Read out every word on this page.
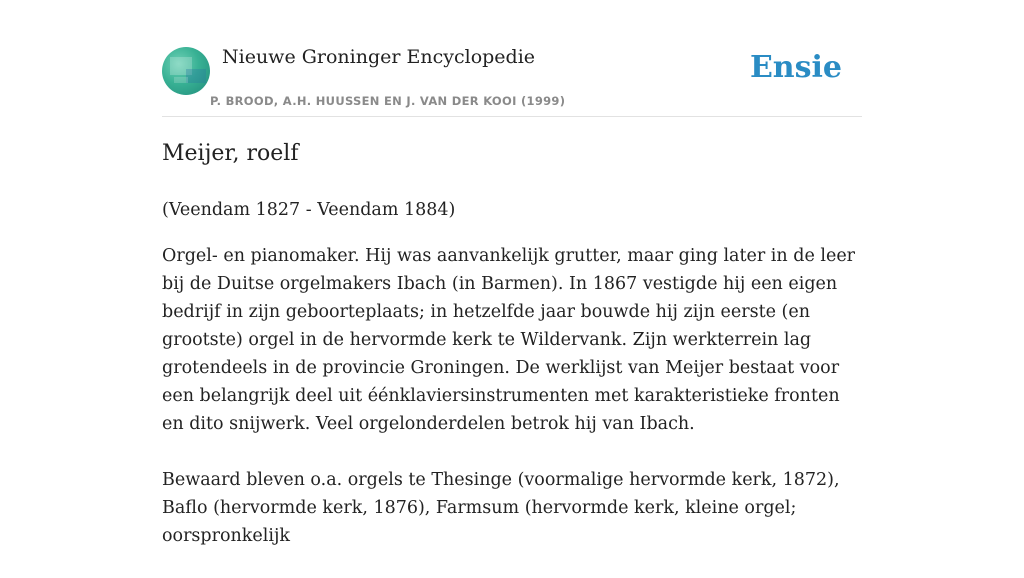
Nieuwe Groninger Encyclopedie
P. BROOD, A.H. HUUSSEN EN J. VAN DER KOOI (1999)
Ensie
Meijer, roelf
(Veendam 1827 - Veendam 1884)

Orgel- en pianomaker. Hij was aanvankelijk grutter, maar ging later in de leer bij de Duitse orgelmakers Ibach (in Barmen). In 1867 vestigde hij een eigen bedrijf in zijn geboorteplaats; in hetzelfde jaar bouwde hij zijn eerste (en grootste) orgel in de hervormde kerk te Wildervank. Zijn werkterrein lag grotendeels in de provincie Groningen. De werklijst van Meijer bestaat voor een belangrijk deel uit éénklaviersinstrumenten met karakteristieke fronten en dito snijwerk. Veel orgelonderdelen betrok hij van Ibach.

Bewaard bleven o.a. orgels te Thesinge (voormalige hervormde kerk, 1872), Baflo (hervormde kerk, 1876), Farmsum (hervormde kerk, kleine orgel; oorspronkelijk
